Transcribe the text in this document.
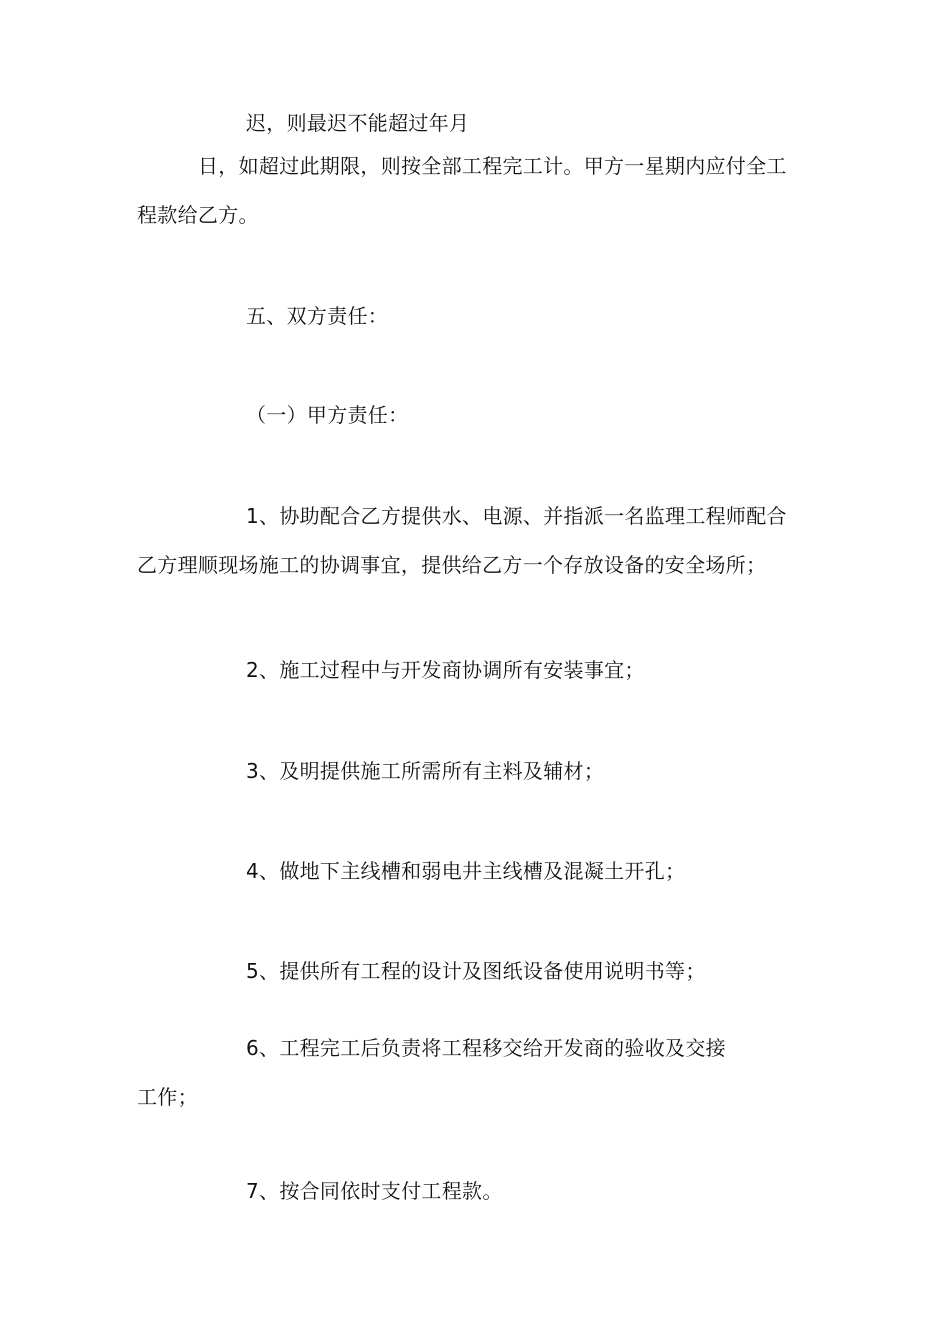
迟，则最迟不能超过年月
日，如超过此期限，则按全部工程完工计。甲方一星期内应付全工
程款给乙方。
五、双方责任：
（一）甲方责任：
1、协助配合乙方提供水、电源、并指派一名监理工程师配合
乙方理顺现场施工的协调事宜，提供给乙方一个存放设备的安全场所；
2、施工过程中与开发商协调所有安装事宜；
3、及明提供施工所需所有主料及辅材；
4、做地下主线槽和弱电井主线槽及混凝土开孔；
5、提供所有工程的设计及图纸设备使用说明书等；
6、工程完工后负责将工程移交给开发商的验收及交接
工作；
7、按合同依时支付工程款。
